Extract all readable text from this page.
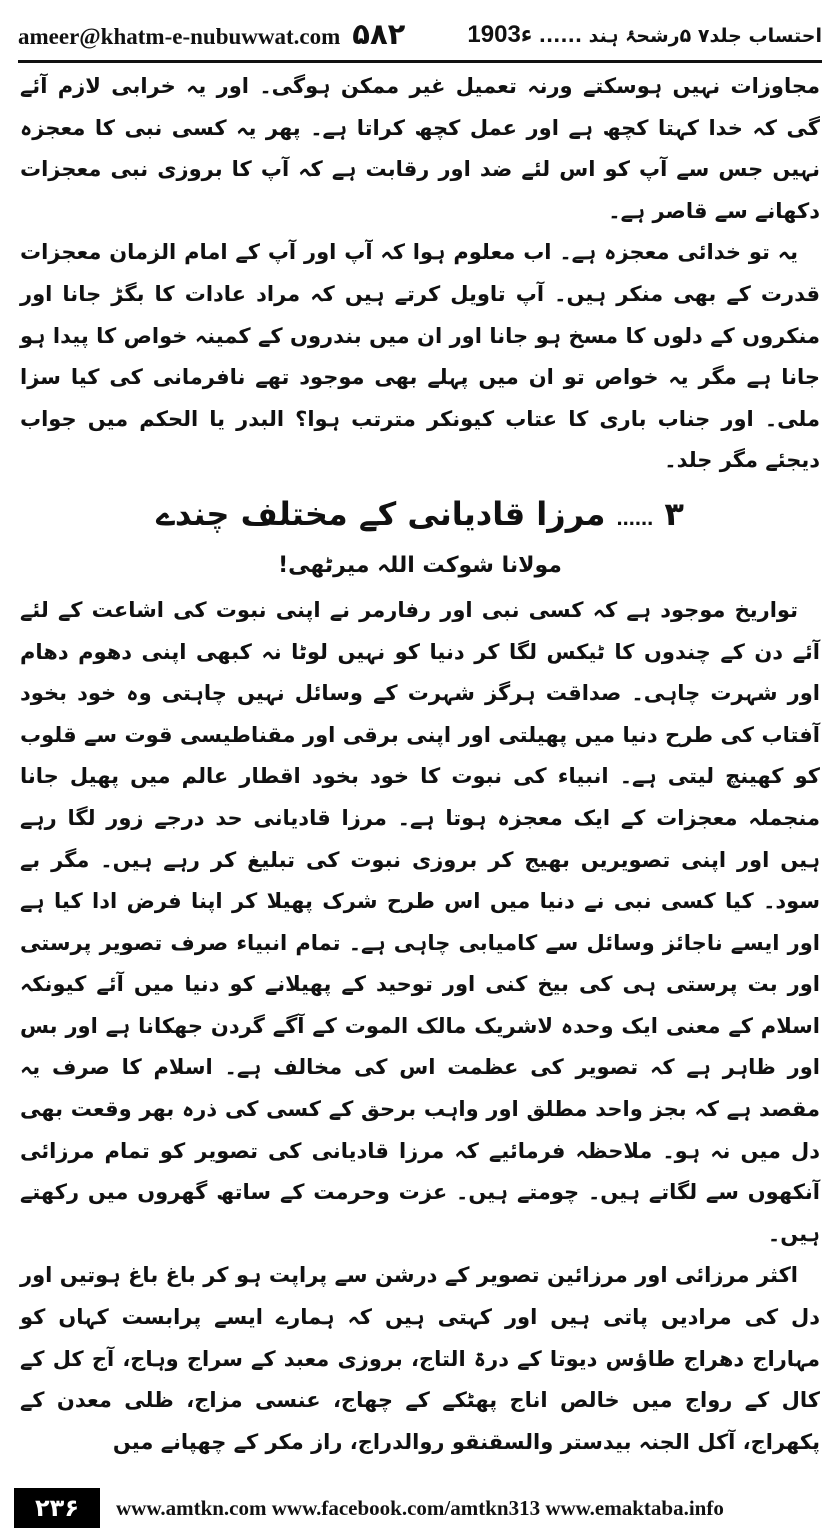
ameer@khatm-e-nubuwwat.com ۵۸۲	احتساب جلد۷ ۵رشحۂ ہند ...... 1903ء

مجاوزات نہیں ہوسکتے ورنہ تعمیل غیر ممکن ہوگی۔ اور یہ خرابی لازم آئے گی کہ خدا کہتا کچھ ہے اور عمل کچھ کراتا ہے۔ پھر یہ کسی نبی کا معجزہ نہیں جس سے آپ کو اس لئے ضد اور رقابت ہے کہ آپ کا بروزی نبی معجزات دکھانے سے قاصر ہے۔

یہ تو خدائی معجزہ ہے۔ اب معلوم ہوا کہ آپ اور آپ کے امام الزمان معجزات قدرت کے بھی منکر ہیں۔ آپ تاویل کرتے ہیں کہ مراد عادات کا بگڑ جانا اور منکروں کے دلوں کا مسخ ہو جانا اور ان میں بندروں کے کمینہ خواص کا پیدا ہو جانا ہے مگر یہ خواص تو ان میں پہلے بھی موجود تھے نافرمانی کی کیا سزا ملی۔ اور جناب باری کا عتاب کیونکر مترتب ہوا؟ البدر یا الحکم میں جواب دیجئے مگر جلد۔

۳ ...... مرزا قادیانی کے مختلف چندے
مولانا شوکت اللہ میرٹھی!

تواریخ موجود ہے کہ کسی نبی اور رفارمر نے اپنی نبوت کی اشاعت کے لئے آئے دن کے چندوں کا ٹیکس لگا کر دنیا کو نہیں لوٹا نہ کبھی اپنی دھوم دھام اور شہرت چاہی۔ صداقت ہرگز شہرت کے وسائل نہیں چاہتی وہ خود بخود آفتاب کی طرح دنیا میں پھیلتی اور اپنی برقی اور مقناطیسی قوت سے قلوب کو کھینچ لیتی ہے۔ انبیاء کی نبوت کا خود بخود اقطار عالم میں پھیل جانا منجملہ معجزات کے ایک معجزہ ہوتا ہے۔ مرزا قادیانی حد درجے زور لگا رہے ہیں اور اپنی تصویریں بھیج کر بروزی نبوت کی تبلیغ کر رہے ہیں۔ مگر بے سود۔ کیا کسی نبی نے دنیا میں اس طرح شرک پھیلا کر اپنا فرض ادا کیا ہے اور ایسے ناجائز وسائل سے کامیابی چاہی ہے۔ تمام انبیاء صرف تصویر پرستی اور بت پرستی ہی کی بیخ کنی اور توحید کے پھیلانے کو دنیا میں آئے کیونکہ اسلام کے معنی ایک وحدہ لاشریک مالک الموت کے آگے گردن جھکانا ہے اور بس اور ظاہر ہے کہ تصویر کی عظمت اس کی مخالف ہے۔ اسلام کا صرف یہ مقصد ہے کہ بجز واحد مطلق اور واہب برحق کے کسی کی ذرہ بھر وقعت بھی دل میں نہ ہو۔ ملاحظہ فرمائیے کہ مرزا قادیانی کی تصویر کو تمام مرزائی آنکھوں سے لگاتے ہیں۔ چومتے ہیں۔ عزت وحرمت کے ساتھ گھروں میں رکھتے ہیں۔

اکثر مرزائی اور مرزائین تصویر کے درشن سے پراپت ہو کر باغ باغ ہوتیں اور دل کی مرادیں پاتی ہیں اور کہتی ہیں کہ ہمارے ایسے پرابست کہاں کو مہاراج دھراج طاؤس دیوتا کے درۃ التاج، بروزی معبد کے سراج وہاج، آج کل کے کال کے رواج میں خالص اناج پھٹکے کے چھاج، عنسی مزاج، ظلی معدن کے پکھراج، آکل الجنہ بیدستر والسقنقو روالدراج، راز مکر کے چھپانے میں

۲۳۶	www.amtkn.com www.facebook.com/amtkn313 www.emaktaba.info
